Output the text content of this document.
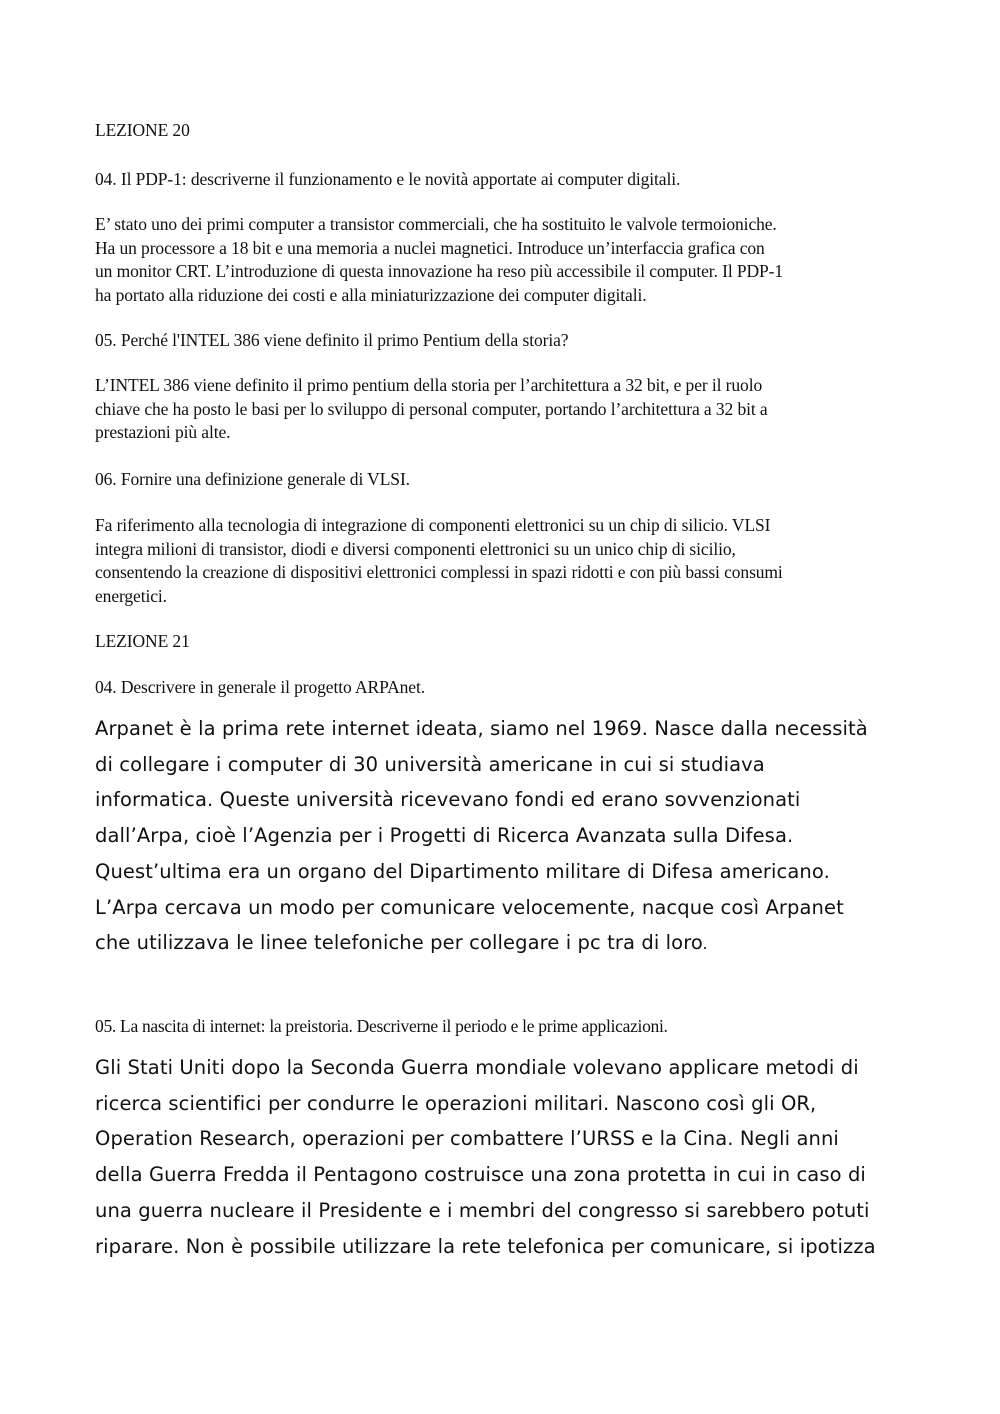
LEZIONE 20
04. Il PDP-1: descriverne il funzionamento e le novità apportate ai computer digitali.
E’ stato uno dei primi computer a transistor commerciali, che ha sostituito le valvole termoioniche.
Ha un processore a 18 bit e una memoria a nuclei magnetici. Introduce un’interfaccia grafica con
un monitor CRT. L’introduzione di questa innovazione ha reso più accessibile il computer. Il PDP-1
ha portato alla riduzione dei costi e alla miniaturizzazione dei computer digitali.
05. Perché l'INTEL 386 viene definito il primo Pentium della storia?
L’INTEL 386 viene definito il primo pentium della storia per l’architettura a 32 bit, e per il ruolo
chiave che ha posto le basi per lo sviluppo di personal computer, portando l’architettura a 32 bit a
prestazioni più alte.
06. Fornire una definizione generale di VLSI.
Fa riferimento alla tecnologia di integrazione di componenti elettronici su un chip di silicio. VLSI
integra milioni di transistor, diodi e diversi componenti elettronici su un unico chip di sicilio,
consentendo la creazione di dispositivi elettronici complessi in spazi ridotti e con più bassi consumi
energetici.
LEZIONE 21
04. Descrivere in generale il progetto ARPAnet.
Arpanet è la prima rete internet ideata, siamo nel 1969. Nasce dalla necessità
di collegare i computer di 30 università americane in cui si studiava
informatica. Queste università ricevevano fondi ed erano sovvenzionati
dall’Arpa, cioè l’Agenzia per i Progetti di Ricerca Avanzata sulla Difesa.
Quest’ultima era un organo del Dipartimento militare di Difesa americano.
L’Arpa cercava un modo per comunicare velocemente, nacque così Arpanet
che utilizzava le linee telefoniche per collegare i pc tra di loro.
05. La nascita di internet: la preistoria. Descriverne il periodo e le prime applicazioni.
Gli Stati Uniti dopo la Seconda Guerra mondiale volevano applicare metodi di
ricerca scientifici per condurre le operazioni militari. Nascono così gli OR,
Operation Research, operazioni per combattere l’URSS e la Cina. Negli anni
della Guerra Fredda il Pentagono costruisce una zona protetta in cui in caso di
una guerra nucleare il Presidente e i membri del congresso si sarebbero potuti
riparare. Non è possibile utilizzare la rete telefonica per comunicare, si ipotizza
